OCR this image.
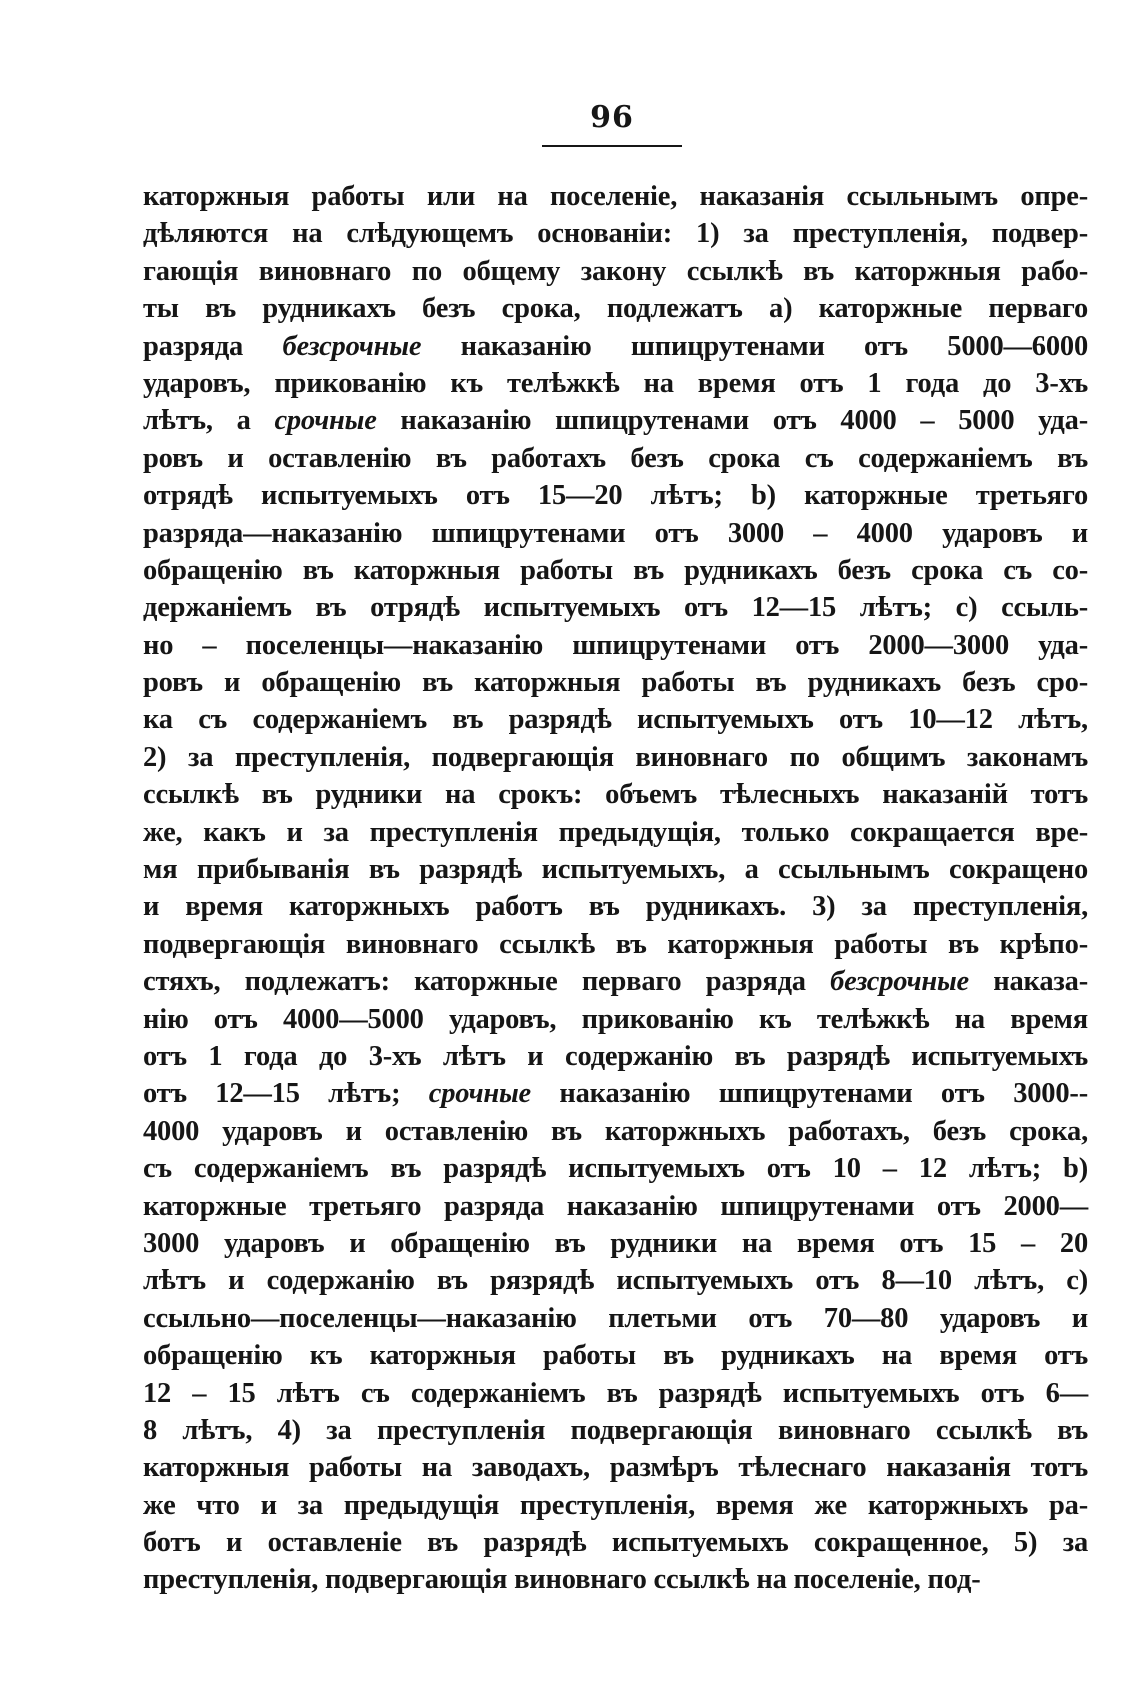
96
каторжныя работы или на поселеніе, наказанія ссыльнымъ опре-
дѣляются на слѣдующемъ основаніи: 1) за преступленія, подвер-
гающія виновнаго по общему закону ссылкѣ въ каторжныя рабо-
ты въ рудникахъ безъ срока, подлежатъ a) каторжные перваго
разряда безсрочные наказанію шпицрутенами отъ 5000—6000
ударовъ, прикованію къ телѣжкѣ на время отъ 1 года до 3-хъ
лѣтъ, a срочные наказанію шпицрутенами отъ 4000 – 5000 уда-
ровъ и оставленію въ работахъ безъ срока съ содержаніемъ въ
отрядѣ испытуемыхъ отъ 15—20 лѣтъ; b) каторжные третьяго
разряда—наказанію шпицрутенами отъ 3000 – 4000 ударовъ и
обращенію въ каторжныя работы въ рудникахъ безъ срока съ со-
держаніемъ въ отрядѣ испытуемыхъ отъ 12—15 лѣтъ; c) ссыль-
но – поселенцы—наказанію шпицрутенами отъ 2000—3000 уда-
ровъ и обращенію въ каторжныя работы въ рудникахъ безъ сро-
ка съ содержаніемъ въ разрядѣ испытуемыхъ отъ 10—12 лѣтъ,
2) за преступленія, подвергающія виновнаго по общимъ законамъ
ссылкѣ въ рудники на срокъ: объемъ тѣлесныхъ наказаній тотъ
же, какъ и за преступленія предыдущія, только сокращается вре-
мя прибыванія въ разрядѣ испытуемыхъ, a ссыльнымъ сокращено
и время каторжныхъ работъ въ рудникахъ. 3) за преступленія,
подвергающія виновнаго ссылкѣ въ каторжныя работы въ крѣпо-
стяхъ, подлежатъ: каторжные перваго разряда безсрочные наказа-
нію отъ 4000—5000 ударовъ, прикованію къ телѣжкѣ на время
отъ 1 года до 3-хъ лѣтъ и содержанію въ разрядѣ испытуемыхъ
отъ 12—15 лѣтъ; срочные наказанію шпицрутенами отъ 3000--
4000 ударовъ и оставленію въ каторжныхъ работахъ, безъ срока,
съ содержаніемъ въ разрядѣ испытуемыхъ отъ 10 – 12 лѣтъ; b)
каторжные третьяго разряда наказанію шпицрутенами отъ 2000—
3000 ударовъ и обращенію въ рудники на время отъ 15 – 20
лѣтъ и содержанію въ рязрядѣ испытуемыхъ отъ 8—10 лѣтъ, c)
ссыльно—поселенцы—наказанію плетьми отъ 70—80 ударовъ и
обращенію къ каторжныя работы въ рудникахъ на время отъ
12 – 15 лѣтъ съ содержаніемъ въ разрядѣ испытуемыхъ отъ 6—
8 лѣтъ, 4) за преступленія подвергающія виновнаго ссылкѣ въ
каторжныя работы на заводахъ, размѣръ тѣлеснаго наказанія тотъ
же что и за предыдущія преступленія, время же каторжныхъ ра-
ботъ и оставленіе въ разрядѣ испытуемыхъ сокращенное, 5) за
преступленія, подвергающія виновнаго ссылкѣ на поселеніе, под-
